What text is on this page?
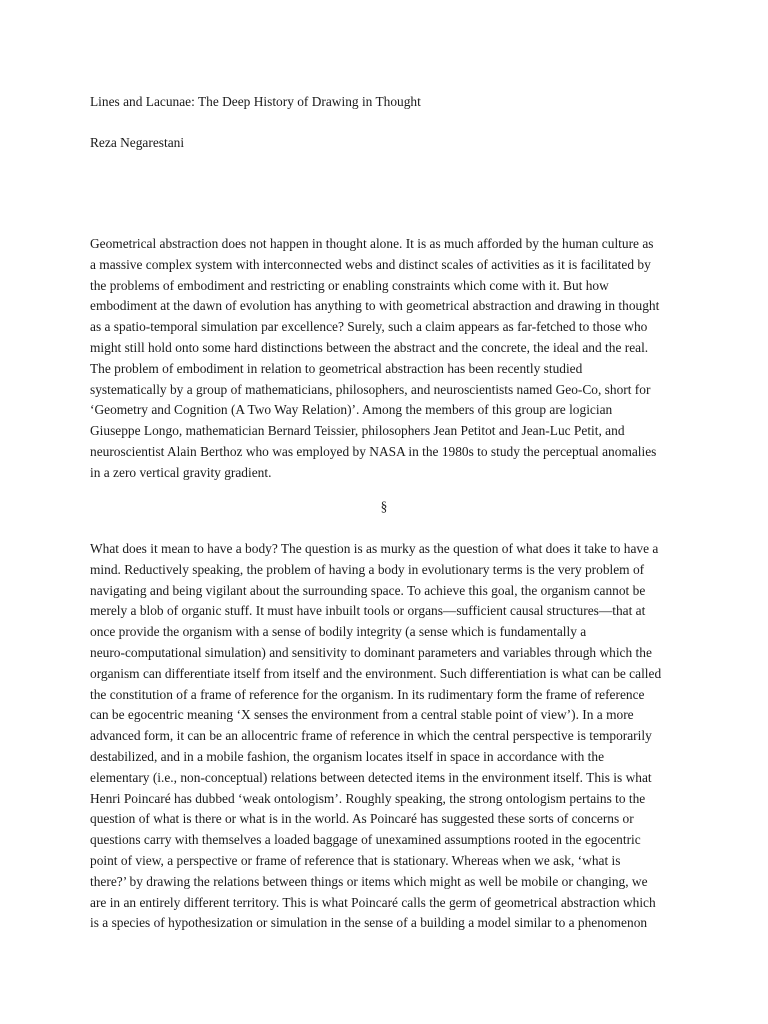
Lines and Lacunae: The Deep History of Drawing in Thought

Reza Negarestani

Geometrical abstraction does not happen in thought alone. It is as much afforded by the human culture as
a massive complex system with interconnected webs and distinct scales of activities as it is facilitated by
the problems of embodiment and restricting or enabling constraints which come with it. But how
embodiment at the dawn of evolution has anything to with geometrical abstraction and drawing in thought
as a spatio-temporal simulation par excellence? Surely, such a claim appears as far-fetched to those who
might still hold onto some hard distinctions between the abstract and the concrete, the ideal and the real.
The problem of embodiment in relation to geometrical abstraction has been recently studied
systematically by a group of mathematicians, philosophers, and neuroscientists named Geo-Co, short for
‘Geometry and Cognition (A Two Way Relation)’. Among the members of this group are logician
Giuseppe Longo, mathematician Bernard Teissier, philosophers Jean Petitot and Jean-Luc Petit, and
neuroscientist Alain Berthoz who was employed by NASA in the 1980s to study the perceptual anomalies
in a zero vertical gravity gradient.

§

What does it mean to have a body? The question is as murky as the question of what does it take to have a
mind. Reductively speaking, the problem of having a body in evolutionary terms is the very problem of
navigating and being vigilant about the surrounding space. To achieve this goal, the organism cannot be
merely a blob of organic stuff. It must have inbuilt tools or organs—sufficient causal structures—that at
once provide the organism with a sense of bodily integrity (a sense which is fundamentally a
neuro-computational simulation) and sensitivity to dominant parameters and variables through which the
organism can differentiate itself from itself and the environment. Such differentiation is what can be called
the constitution of a frame of reference for the organism. In its rudimentary form the frame of reference
can be egocentric meaning ‘X senses the environment from a central stable point of view’). In a more
advanced form, it can be an allocentric frame of reference in which the central perspective is temporarily
destabilized, and in a mobile fashion, the organism locates itself in space in accordance with the
elementary (i.e., non-conceptual) relations between detected items in the environment itself. This is what
Henri Poincaré has dubbed ‘weak ontologism’. Roughly speaking, the strong ontologism pertains to the
question of what is there or what is in the world. As Poincaré has suggested these sorts of concerns or
questions carry with themselves a loaded baggage of unexamined assumptions rooted in the egocentric
point of view, a perspective or frame of reference that is stationary. Whereas when we ask, ‘what is
there?’ by drawing the relations between things or items which might as well be mobile or changing, we
are in an entirely different territory. This is what Poincaré calls the germ of geometrical abstraction which
is a species of hypothesization or simulation in the sense of a building a model similar to a phenomenon
